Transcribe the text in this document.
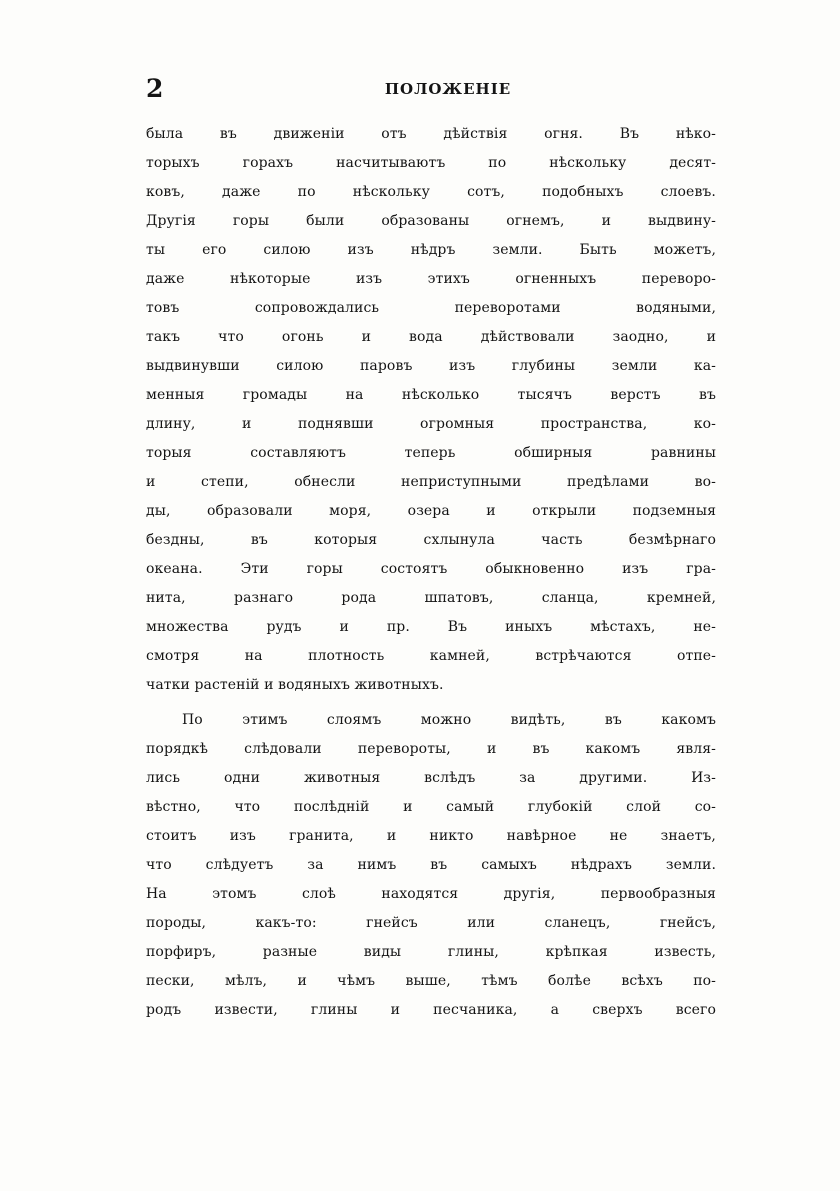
2	ПОЛОЖЕНІЕ
была въ движеніи отъ дѣйствія огня. Въ нѣко-
торыхъ горахъ насчитываютъ по нѣскольку десят-
ковъ, даже по нѣскольку сотъ, подобныхъ слоевъ.
Другія горы были образованы огнемъ, и выдвину-
ты его силою изъ нѣдръ земли. Быть можетъ,
даже нѣкоторые изъ этихъ огненныхъ переворо-
товъ сопровождались переворотами водяными,
такъ что огонь и вода дѣйствовали заодно, и
выдвинувши силою паровъ изъ глубины земли ка-
менныя громады на нѣсколько тысячъ верстъ въ
длину, и поднявши огромныя пространства, ко-
торыя составляютъ теперь обширныя равнины
и степи, обнесли неприступными предѣлами во-
ды, образовали моря, озера и открыли подземныя
бездны, въ которыя схлынула часть безмѣрнаго
океана. Эти горы состоятъ обыкновенно изъ гра-
нита, разнаго рода шпатовъ, сланца, кремней,
множества рудъ и пр. Въ иныхъ мѣстахъ, не-
смотря на плотность камней, встрѣчаются отпе-
чатки растеній и водяныхъ животныхъ.
По этимъ слоямъ можно видѣть, въ какомъ
порядкѣ слѣдовали перевороты, и въ какомъ явля-
лись одни животныя вслѣдъ за другими. Из-
вѣстно, что послѣдній и самый глубокій слой со-
стоитъ изъ гранита, и никто навѣрное не знаетъ,
что слѣдуетъ за нимъ въ самыхъ нѣдрахъ земли.
На этомъ слоѣ находятся другія, первообразныя
породы, какъ-то: гнейсъ или сланецъ, гнейсъ,
порфиръ, разные виды глины, крѣпкая известь,
пески, мѣлъ, и чѣмъ выше, тѣмъ болѣе всѣхъ по-
родъ извести, глины и песчаника, а сверхъ всего
